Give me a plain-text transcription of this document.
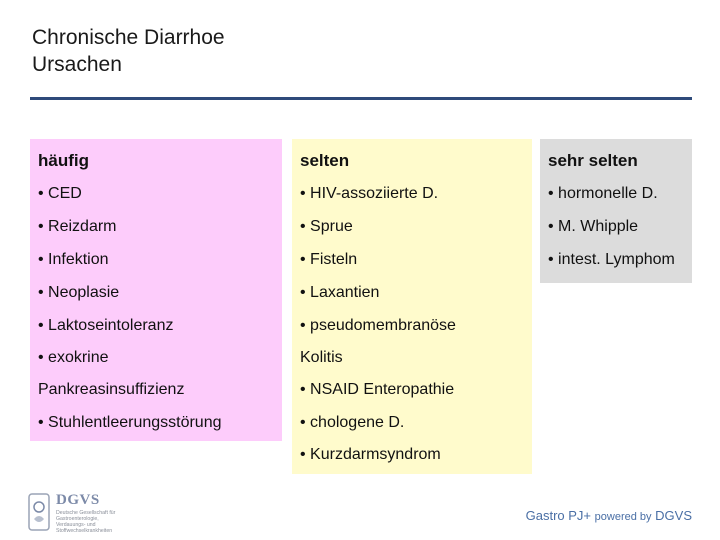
Chronische Diarrhoe
Ursachen
häufig
• CED
• Reizdarm
• Infektion
• Neoplasie
• Laktoseintoleranz
• exokrine
Pankreasinsuffizienz
• Stuhlentleerungsstörung
selten
• HIV-assoziierte D.
• Sprue
• Fisteln
• Laxantien
• pseudomembranöse
Kolitis
• NSAID Enteropathie
• chologene D.
• Kurzdarmsyndrom
sehr selten
• hormonelle D.
• M. Whipple
• intest. Lymphom
DGVS
Deutsche Gesellschaft für
Gastroenterologie,
Verdauungs- und
Stoffwechselkrankheiten
Gastro PJ+ powered by DGVS
